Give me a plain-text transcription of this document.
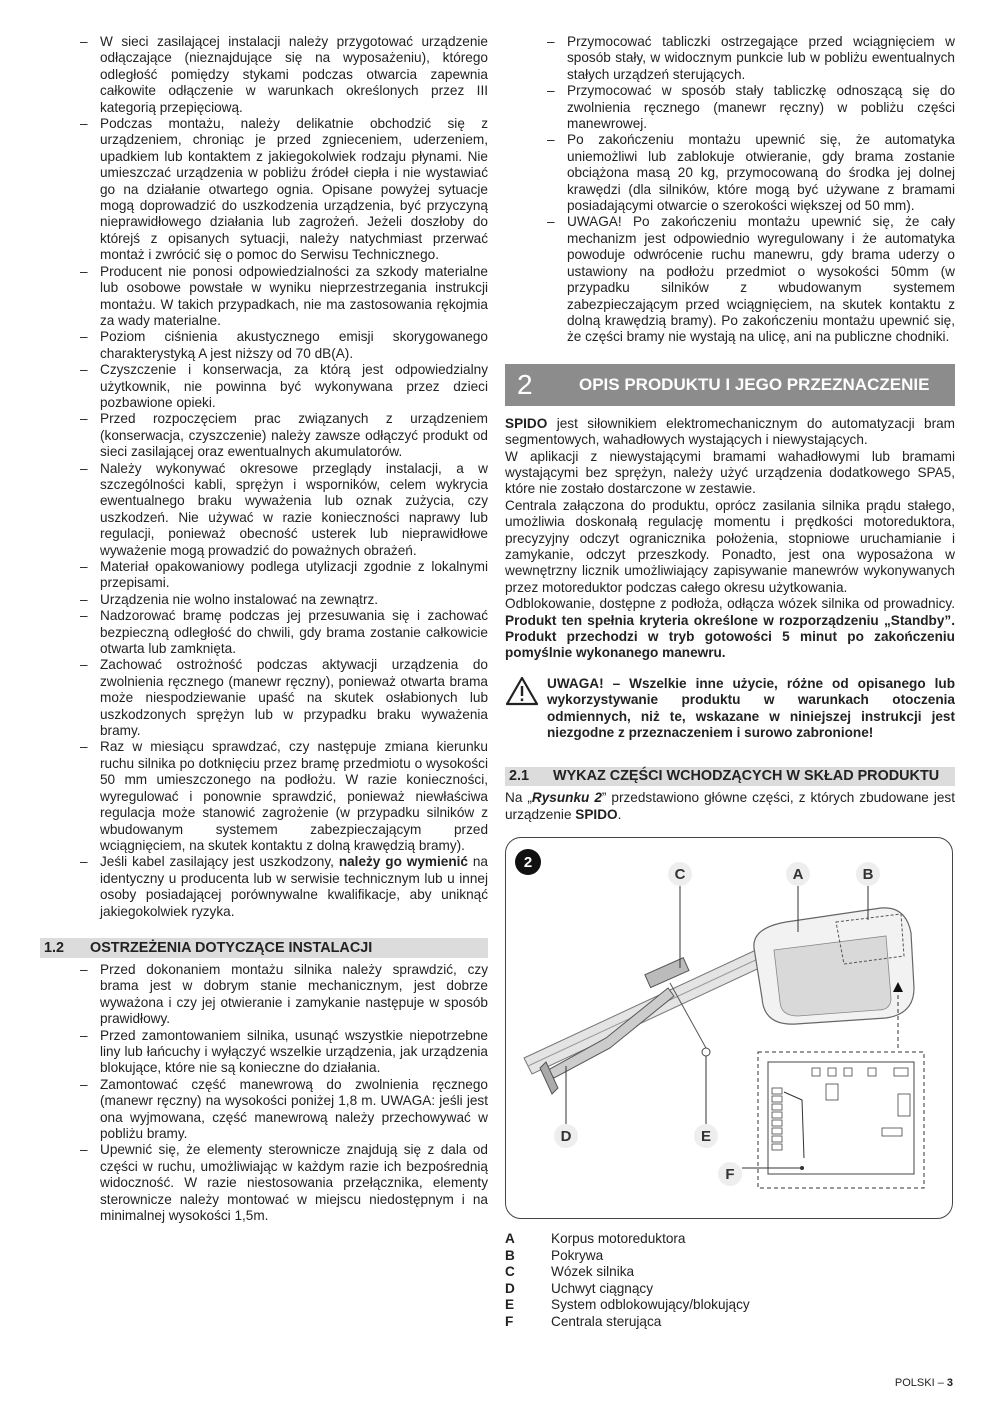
– W sieci zasilającej instalacji należy przygotować urządzenie odłączające (nieznajdujące się na wyposażeniu), którego odległość pomiędzy stykami podczas otwarcia zapewnia całkowite odłączenie w warunkach określonych przez III kategorią przepięciową.
– Podczas montażu, należy delikatnie obchodzić się z urządzeniem, chroniąc je przed zgnieceniem, uderzeniem, upadkiem lub kontaktem z jakiegokolwiek rodzaju płynami. Nie umieszczać urządzenia w pobliżu źródeł ciepła i nie wystawiać go na działanie otwartego ognia. Opisane powyżej sytuacje mogą doprowadzić do uszkodzenia urządzenia, być przyczyną nieprawidłowego działania lub zagrożeń. Jeżeli doszłoby do którejś z opisanych sytuacji, należy natychmiast przerwać montaż i zwrócić się o pomoc do Serwisu Technicznego.
– Producent nie ponosi odpowiedzialności za szkody materialne lub osobowe powstałe w wyniku nieprzestrzegania instrukcji montażu. W takich przypadkach, nie ma zastosowania rękojmia za wady materialne.
– Poziom ciśnienia akustycznego emisji skorygowanego charakterystyką A jest niższy od 70 dB(A).
– Czyszczenie i konserwacja, za którą jest odpowiedzialny użytkownik, nie powinna być wykonywana przez dzieci pozbawione opieki.
– Przed rozpoczęciem prac związanych z urządzeniem (konserwacja, czyszczenie) należy zawsze odłączyć produkt od sieci zasilającej oraz ewentualnych akumulatorów.
– Należy wykonywać okresowe przeglądy instalacji, a w szczególności kabli, sprężyn i wsporników, celem wykrycia ewentualnego braku wyważenia lub oznak zużycia, czy uszkodzeń. Nie używać w razie konieczności naprawy lub regulacji, ponieważ obecność usterek lub nieprawidłowe wyważenie mogą prowadzić do poważnych obrażeń.
– Materiał opakowaniowy podlega utylizacji zgodnie z lokalnymi przepisami.
– Urządzenia nie wolno instalować na zewnątrz.
– Nadzorować bramę podczas jej przesuwania się i zachować bezpieczną odległość do chwili, gdy brama zostanie całkowicie otwarta lub zamknięta.
– Zachować ostrożność podczas aktywacji urządzenia do zwolnienia ręcznego (manewr ręczny), ponieważ otwarta brama może niespodziewanie upaść na skutek osłabionych lub uszkodzonych sprężyn lub w przypadku braku wyważenia bramy.
– Raz w miesiącu sprawdzać, czy następuje zmiana kierunku ruchu silnika po dotknięciu przez bramę przedmiotu o wysokości 50 mm umieszczonego na podłożu. W razie konieczności, wyregulować i ponownie sprawdzić, ponieważ niewłaściwa regulacja może stanowić zagrożenie (w przypadku silników z wbudowanym systemem zabezpieczającym przed wciągnięciem, na skutek kontaktu z dolną krawędzią bramy).
– Jeśli kabel zasilający jest uszkodzony, należy go wymienić na identyczny u producenta lub w serwisie technicznym lub u innej osoby posiadającej porównywalne kwalifikacje, aby uniknąć jakiegokolwiek ryzyka.
1.2	OSTRZEŻENIA DOTYCZĄCE INSTALACJI
– Przed dokonaniem montażu silnika należy sprawdzić, czy brama jest w dobrym stanie mechanicznym, jest dobrze wyważona i czy jej otwieranie i zamykanie następuje w sposób prawidłowy.
– Przed zamontowaniem silnika, usunąć wszystkie niepotrzebne liny lub łańcuchy i wyłączyć wszelkie urządzenia, jak urządzenia blokujące, które nie są konieczne do działania.
– Zamontować część manewrową do zwolnienia ręcznego (manewr ręczny) na wysokości poniżej 1,8 m. UWAGA: jeśli jest ona wyjmowana, część manewrową należy przechowywać w pobliżu bramy.
– Upewnić się, że elementy sterownicze znajdują się z dala od części w ruchu, umożliwiając w każdym razie ich bezpośrednią widoczność. W razie niestosowania przełącznika, elementy sterownicze należy montować w miejscu niedostępnym i na minimalnej wysokości 1,5m.
– Przymocować tabliczki ostrzegające przed wciągnięciem w sposób stały, w widocznym punkcie lub w pobliżu ewentualnych stałych urządzeń sterujących.
– Przymocować w sposób stały tabliczkę odnoszącą się do zwolnienia ręcznego (manewr ręczny) w pobliżu części manewrowej.
– Po zakończeniu montażu upewnić się, że automatyka uniemożliwi lub zablokuje otwieranie, gdy brama zostanie obciążona masą 20 kg, przymocowaną do środka jej dolnej krawędzi (dla silników, które mogą być używane z bramami posiadającymi otwarcie o szerokości większej od 50 mm).
– UWAGA! Po zakończeniu montażu upewnić się, że cały mechanizm jest odpowiednio wyregulowany i że automatyka powoduje odwrócenie ruchu manewru, gdy brama uderzy o ustawiony na podłożu przedmiot o wysokości 50mm (w przypadku silników z wbudowanym systemem zabezpieczającym przed wciągnięciem, na skutek kontaktu z dolną krawędzią bramy). Po zakończeniu montażu upewnić się, że części bramy nie wystają na ulicę, ani na publiczne chodniki.
2	OPIS PRODUKTU I JEGO PRZEZNACZENIE
SPIDO jest siłownikiem elektromechanicznym do automatyzacji bram segmentowych, wahadłowych wystających i niewystających.
W aplikacji z niewystającymi bramami wahadłowymi lub bramami wystającymi bez sprężyn, należy użyć urządzenia dodatkowego SPA5, które nie zostało dostarczone w zestawie.
Centrala załączona do produktu, oprócz zasilania silnika prądu stałego, umożliwia doskonałą regulację momentu i prędkości motoreduktora, precyzyjny odczyt ogranicznika położenia, stopniowe uruchamianie i zamykanie, odczyt przeszkody. Ponadto, jest ona wyposażona w wewnętrzny licznik umożliwiający zapisywanie manewrów wykonywanych przez motoreduktor podczas całego okresu użytkowania.
Odblokowanie, dostępne z podłoża, odłącza wózek silnika od prowadnicy. Produkt ten spełnia kryteria określone w rozporządzeniu „Standby”. Produkt przechodzi w tryb gotowości 5 minut po zakończeniu pomyślnie wykonanego manewru.
UWAGA! – Wszelkie inne użycie, różne od opisanego lub wykorzystywanie produktu w warunkach otoczenia odmiennych, niż te, wskazane w niniejszej instrukcji jest niezgodne z przeznaczeniem i surowo zabronione!
2.1	WYKAZ CZĘŚCI WCHODZĄCYCH W SKŁAD PRODUKTU
Na „Rysunku 2” przedstawiono główne części, z których zbudowane jest urządzenie SPIDO.
2
C	A	B
D	E
F
A	Korpus motoreduktora
B	Pokrywa
C	Wózek silnika
D	Uchwyt ciągnący
E	System odblokowujący/blokujący
F	Centrala sterująca
POLSKI – 3
